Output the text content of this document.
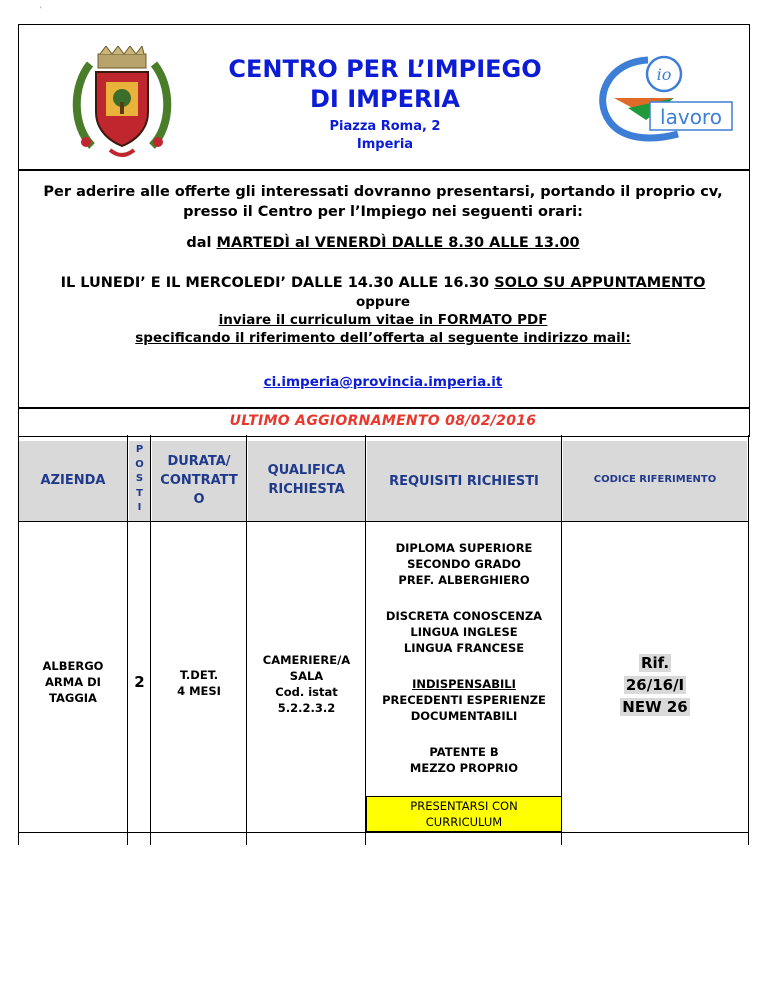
'
CENTRO PER L’IMPIEGO
DI IMPERIA
Piazza Roma, 2
Imperia
io
lavoro
Per aderire alle offerte gli interessati dovranno presentarsi, portando il proprio cv,
presso il Centro per l’Impiego nei seguenti orari:
dal MARTEDÌ al VENERDÌ DALLE 8.30 ALLE 13.00
IL LUNEDI’ E IL MERCOLEDI’ DALLE 14.30 ALLE 16.30 SOLO SU APPUNTAMENTO
oppure
inviare il curriculum vitae in FORMATO PDF
specificando il riferimento dell’offerta al seguente indirizzo mail:
ci.imperia@provincia.imperia.it
ULTIMO AGGIORNAMENTO 08/02/2016
AZIENDA
P
O
S
T
I
DURATA/
CONTRATT
O
QUALIFICA
RICHIESTA
REQUISITI RICHIESTI	CODICE RIFERIMENTO
ALBERGO
ARMA DI
TAGGIA
2	T.DET.
4 MESI
CAMERIERE/A
SALA
Cod. istat
5.2.2.3.2
DIPLOMA SUPERIORE
SECONDO GRADO
PREF. ALBERGHIERO
DISCRETA CONOSCENZA
LINGUA INGLESE
LINGUA FRANCESE
INDISPENSABILI
PRECEDENTI ESPERIENZE
DOCUMENTABILI
PATENTE B
MEZZO PROPRIO
PRESENTARSI CON
CURRICULUM
Rif.
26/16/I
NEW 26
